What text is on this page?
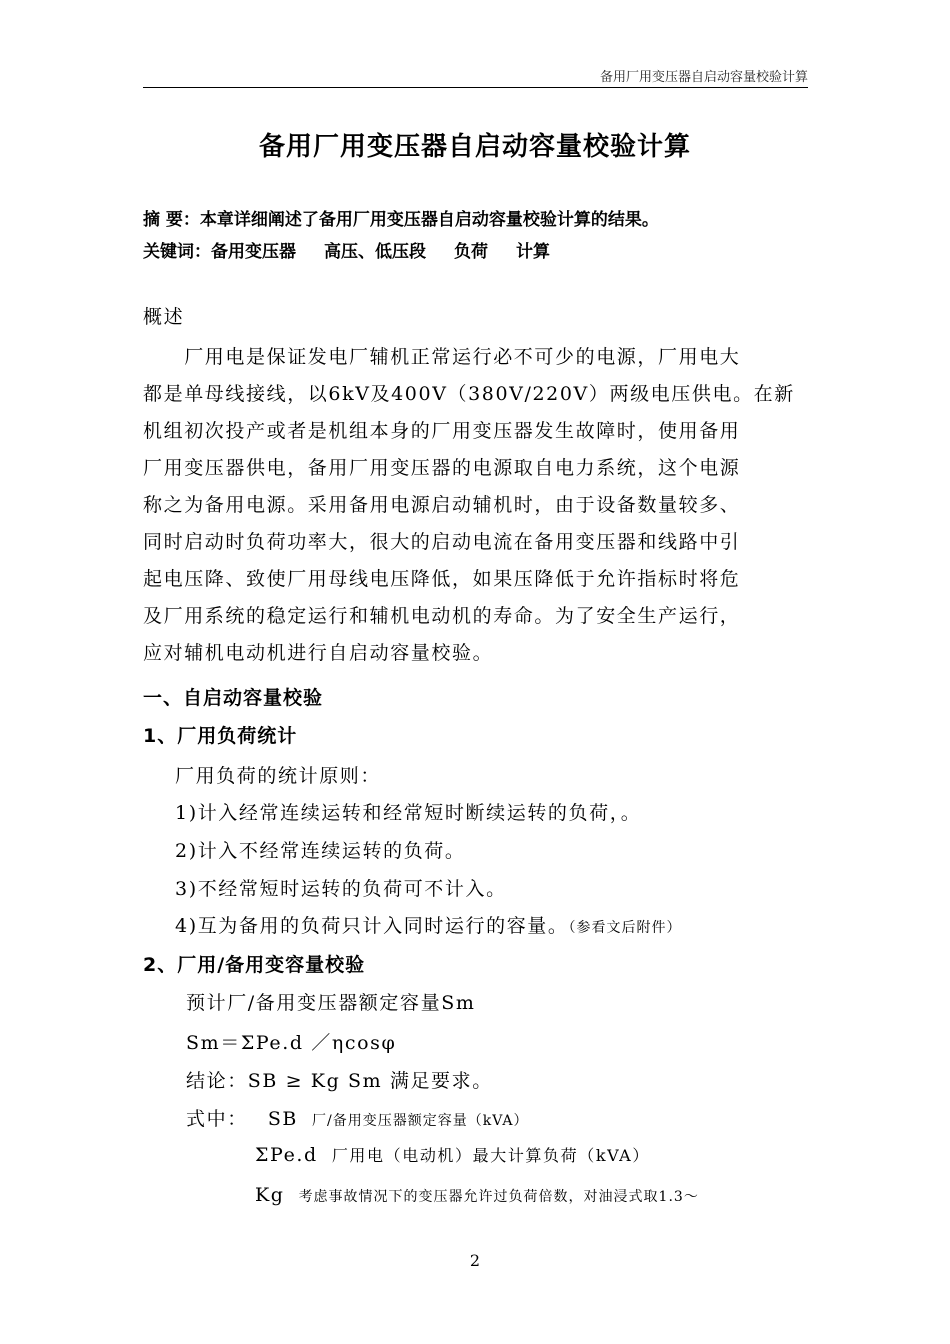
备用厂用变压器自启动容量校验计算
备用厂用变压器自启动容量校验计算
摘 要：本章详细阐述了备用厂用变压器自启动容量校验计算的结果。
关键词：备用变压器 高压、低压段 负荷 计算
概述
　　厂用电是保证发电厂辅机正常运行必不可少的电源，厂用电大
都是单母线接线，以6kV及400V（380V/220V）两级电压供电。在新
机组初次投产或者是机组本身的厂用变压器发生故障时，使用备用
厂用变压器供电，备用厂用变压器的电源取自电力系统，这个电源
称之为备用电源。采用备用电源启动辅机时，由于设备数量较多、
同时启动时负荷功率大，很大的启动电流在备用变压器和线路中引
起电压降、致使厂用母线电压降低，如果压降低于允许指标时将危
及厂用系统的稳定运行和辅机电动机的寿命。为了安全生产运行，
应对辅机电动机进行自启动容量校验。
一、自启动容量校验
1、厂用负荷统计
厂用负荷的统计原则：
1)计入经常连续运转和经常短时断续运转的负荷，。
2)计入不经常连续运转的负荷。
3)不经常短时运转的负荷可不计入。
4)互为备用的负荷只计入同时运行的容量。（参看文后附件）
2、厂用/备用变容量校验
预计厂/备用变压器额定容量Sm
Sm＝ΣPe.d ／ηcosφ
结论：SB ≥ Kg Sm 满足要求。
式中： SB 厂/备用变压器额定容量（kVA）
ΣPe.d 厂用电（电动机）最大计算负荷（kVA）
Kg 考虑事故情况下的变压器允许过负荷倍数，对油浸式取1.3～
2
